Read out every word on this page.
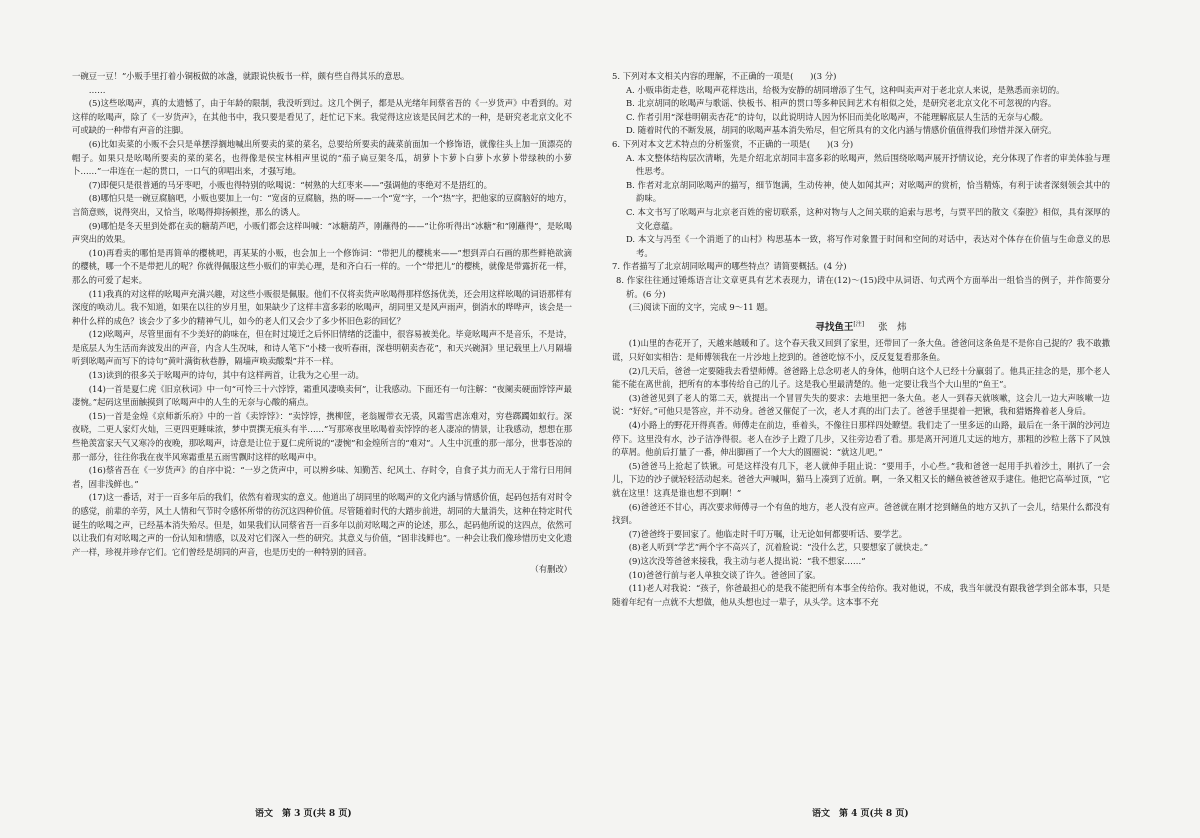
一碗豆一豆！”小贩手里打着小铜板做的冰盏，就跟说快板书一样，颇有些自得其乐的意思。

……

(5)这些吆喝声，真的太遗憾了，由于年龄的限制，我没听到过。这几个例子，都是从光绪年间蔡省吾的《一岁货声》中看到的。对这样的吆喝声，除了《一岁货声》，在其他书中，我只要是看见了，赶忙记下来。我觉得这应该是民间艺术的一种，是研究老北京文化不可或缺的一种带有声音的注脚。

(6)比如卖菜的小贩不会只是单摆浮搁地喊出所要卖的菜的菜名，总要给所要卖的蔬菜前面加一个修饰语，就像往头上加一顶漂亮的帽子。如果只是吆喝所要卖的菜的菜名，也得像是侯宝林相声里说的“茄子扁豆架冬瓜，胡萝卜卞萝卜白萝卜水萝卜带绿秧的小萝卜……”一串连在一起的贯口，一口气的卯唱出来，才强写地。

(7)即便只是很普通的马牙枣吧，小贩也得特别的吆喝说：“树熟的大红枣来——”强调他的枣绝对不是捂红的。

(8)哪怕只是一碗豆腐脑吧，小贩也要加上一句：“宽卤的豆腐脑，热的呀——一个“宽”字，一个“热”字，把他家的豆腐脑好的地方，言简意赅，说得突出，又恰当，吆喝得抑扬顿挫，那么的诱人。

(9)哪怕是冬天里到处都在卖的糖葫芦吧，小贩们都会这样叫喊：“冰糖葫芦，刚蘸得的——”让你听得出“冰糖”和“刚蘸得”，是吆喝声突出的效果。

(10)再看卖的哪怕是再简单的樱桃吧，再某某的小贩，也会加上一个修饰词：“带把儿的樱桃来——”想到弄白石画的那些鲜艳欲滴的樱桃，哪一个不是带把儿的呢？你就得佩服这些小贩们的审美心理，是和齐白石一样的。一个“带把儿”的樱桃，就像是带露折花一样，那么的可爱了起来。

(11)我真的对这样的吆喝声充满兴趣，对这些小贩很是佩服。他们不仅将卖货声吆喝得那样悠扬优美，还会用这样吆喝的词语那样有深度的唤动儿。我不知道，如果在以往的岁月里，如果缺少了这样丰富多彩的吆喝声，胡同里又是风声雨声，倒消水的哗哗声，该会是一种什么样的成色？该会少了多少的精神气儿，如今的老人们又会少了多少怀旧色彩的回忆？

(12)吆喝声，尽管里面有不少美好的韵味在，但在时过境迁之后怀旧情绪的泛滥中，很容易被美化。毕竟吆喝声不是音乐，不是诗，是底层人为生活而奔波发出的声音，内含人生况味，和诗人笔下“小楼一夜听春雨，深巷明朝卖杏花”，和天兴碗洞》里记载里上八月隔墙听到吆喝声而写下的诗句“黄叶满街秋巷静，隔墙声唤卖酸梨”并不一样。

(13)读到的很多关于吆喝声的诗句，其中有这样两首，让我为之心里一动。

(14)一首是夏仁虎《旧京秋词》中一句“可怜三十六饽饽，霜重风凄唤卖何”，让我感动。下面还有一句注解：“夜阑卖硬面饽饽声最凄惋。”起码这里面触摸到了吆喝声中的人生的无奈与心酸的痛点。

(15)一首是金煌《京师新乐府》中的一首《卖饽饽》：“卖饽饽，携柳筐，老翁履带衣无裘，风霜雪虐冻难对，穷巷踯躅如蚁行。深夜晓，二更人家灯火灿，三更四更睡味浓，梦中贾撰无痕头有半……”写那寒夜里吆喝着卖饽饽的老人凄凉的情景，让我感动，想想在那些艳羡富家天气又寒冷的夜晚，那吆喝声，诗意是让位于夏仁虎所说的“凄惋”和金煌所言的“难对”。人生中沉重的那一部分，世事苍凉的那一部分，往往你我在夜半风寒霜重星五雨雪飘时这样的吆喝声中。

(16)蔡省吾在《一岁货声》的自序中说：“一岁之货声中，可以辨乡味、知勤苦、纪风土、存时令，自食子其力而无人于常行日用间者，固非浅鲜也。”

(17)这一番话，对于一百多年后的我们，依然有着现实的意义。他道出了胡同里的吆喝声的文化内涵与情感价值，起码包括有对时令的感觉，前辈的辛劳，风土人情和气节时令感怀所带的彷沉这四种价值。尽管随着时代的大踏步前进，胡同的大量消失，这种在特定时代诞生的吆喝之声，已经基本消失殆尽。但是，如果我们认同蔡省吾一百多年以前对吆喝之声的论述，那么，起码他所说的这四点，依然可以让我们有对吆喝之声的一份认知和情感，以及对它们深入一些的研究。其意义与价值，“固非浅鲜也”。一种会让我们像珍惜历史文化遗产一样，珍视并珍存它们。它们曾经是胡同的声音，也是历史的一种特别的回音。

（有删改）

5. 下列对本文相关内容的理解，不正确的一项是(　　)(3 分)

A. 小贩串街走巷，吆喝声花样迭出，给极为安静的胡同增添了生气，这种叫卖声对于老北京人来说，是熟悉而亲切的。

B. 北京胡同的吆喝声与歌谣、快板书、相声的贯口等多种民间艺术有相似之处，是研究老北京文化不可忽视的内容。

C. 作者引用“深巷明朝卖杏花”的诗句，以此说明诗人因为怀旧而美化吆喝声，不能理解底层人生活的无奈与心酸。

D. 随着时代的不断发展，胡同的吆喝声基本消失殆尽，但它所具有的文化内涵与情感价值值得我们珍惜并深入研究。

6. 下列对本文艺术特点的分析鉴赏，不正确的一项是(　　)(3 分)

A. 本文整体结构层次清晰，先是介绍北京胡同丰富多彩的吆喝声，然后围绕吆喝声展开抒情议论，充分体现了作者的审美体验与理性思考。

B. 作者对北京胡同吆喝声的描写，细节饱满，生动传神，使人如闻其声；对吆喝声的赏析，恰当精炼，有利于读者深刻领会其中的韵味。

C. 本文书写了吆喝声与北京老百姓的密切联系，这种对物与人之间关联的追索与思考，与贾平凹的散文《秦腔》相似，具有深厚的文化意蕴。

D. 本文与冯至《一个消逝了的山村》构思基本一致，将写作对象置于时间和空间的对话中，表达对个体存在价值与生命意义的思考。

7. 作者描写了北京胡同吆喝声的哪些特点？请简要概括。(4 分)

8. 作家往往通过锤炼语言让文章更具有艺术表现力，请在(12)～(15)段中从词语、句式两个方面举出一组恰当的例子，并作简要分析。(6 分)

(三)阅读下面的文字，完成 9～11 题。

寻找鱼王[注] 张　炜

(1)山里的杏花开了，天越来越暖和了。这个春天我又回到了家里，还带回了一条大鱼。爸爸问这条鱼是不是你自己捉的？我不敢撒谎，只好如实相告：是师傅领我在一片沙地上挖到的。爸爸吃惊不小，反反复复看那条鱼。

(2)几天后，爸爸一定要随我去看望师傅。爸爸路上总念叨老人的身体，他明白这个人已经十分羸弱了。他具正挂念的是，那个老人能不能在离世前，把所有的本事传给自己的儿子。这是我心里最清楚的。他一定要让我当个大山里的“鱼王”。

(3)爸爸见到了老人的第二天，就提出一个冒冒失失的要求：去地里把一条大鱼。老人一到春天就咳嗽，这会儿一边大声咳嗽一边说：“好好。”可他只是答应，并不动身。爸爸又催促了一次，老人才真的出门去了。爸爸手里提着一把锹，我和猎婿搀着老人身后。

(4)小路上的野花开得真香。师傅走在前边，垂着头，不像往日那样四处瞭望。我们走了一里多远的山路，最后在一条干涸的沙河边停下。这里没有水，沙子洁净得很。老人在沙子上蹬了几步，又往旁边看了看。那是离开河道几丈远的地方，那粗的沙粒上落下了风蚀的草屑。他前后打量了一番，伸出脚画了一个大大的圆圈说：“就这儿吧。”

(5)爸爸马上抢起了铁锹。可是这样没有几下，老人就伸手阻止说：“要用手，小心些。”我和爸爸一起用手扒着沙土，刚扒了一会儿，下边的沙子就轻轻活动起来。爸爸大声喊叫，猫马上凑到了近前。啊，一条又粗又长的鳝鱼被爸爸双手逮住。他把它高举过顶，“它就在这里！这真是谁也想不到啊！”

(6)爸爸还不甘心，再次要求师傅寻一个有鱼的地方，老人没有应声。爸爸就在刚才挖到鳝鱼的地方又扒了一会儿，结果什么都没有找到。

(7)爸爸终于要回家了。他临走时千叮万嘱，让无论如何都要听话、要学艺。

(8)老人听到“学艺”两个字不高兴了，沉着脸说：“没什么艺，只要想家了就快走。”

(9)这次没等爸爸来接我，我主动与老人提出说：“我不想家……”

(10)爸爸行前与老人单独交谈了许久。爸爸回了家。

(11)老人对我说：“孩子，你爸最担心的是我不能把所有本事全传给你。我对他说，不成，我当年就没有跟我爸学到全部本事，只是随着年纪有一点就不大想做，他从头想也过一辈子，从头学。这本事不充

语文　第 3 页(共 8 页)	语文　第 4 页(共 8 页)
